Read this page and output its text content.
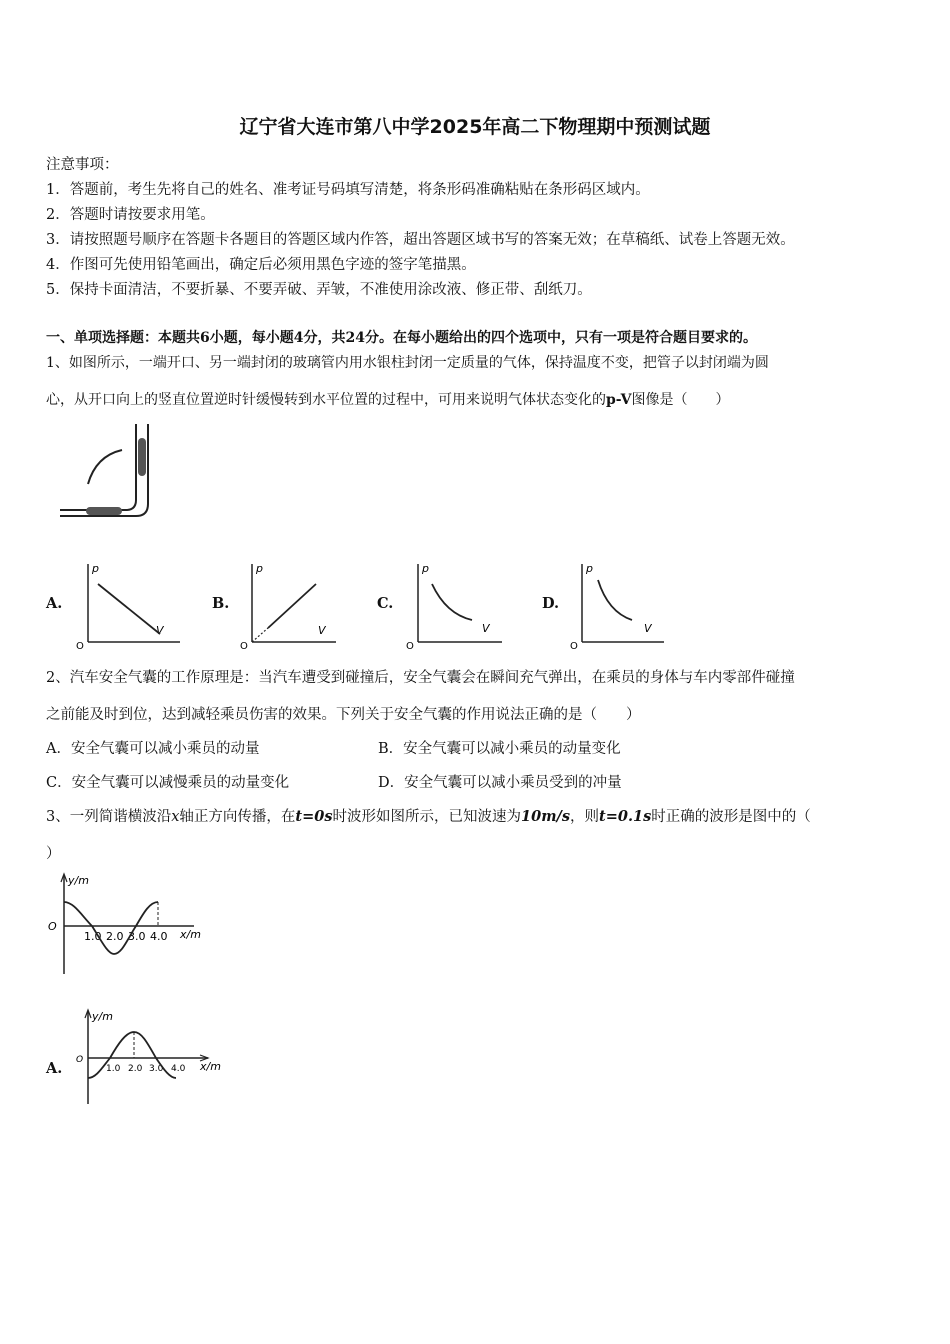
辽宁省大连市第八中学2025年高二下物理期中预测试题
注意事项：
1．答题前，考生先将自己的姓名、准考证号码填写清楚，将条形码准确粘贴在条形码区域内。
2．答题时请按要求用笔。
3．请按照题号顺序在答题卡各题目的答题区域内作答，超出答题区域书写的答案无效；在草稿纸、试卷上答题无效。
4．作图可先使用铅笔画出，确定后必须用黑色字迹的签字笔描黑。
5．保持卡面清洁，不要折暴、不要弄破、弄皱，不准使用涂改液、修正带、刮纸刀。
一、单项选择题：本题共6小题，每小题4分，共24分。在每小题给出的四个选项中，只有一项是符合题目要求的。
1、如图所示，一端开口、另一端封闭的玻璃管内用水银柱封闭一定质量的气体，保持温度不变，把管子以封闭端为圆
心，从开口向上的竖直位置逆时针缓慢转到水平位置的过程中，可用来说明气体状态变化的p-V图像是（　　）
A.
p
V
O
B.
p
V
O
C.
p
V
O
D.
p
V
O
2、汽车安全气囊的工作原理是：当汽车遭受到碰撞后，安全气囊会在瞬间充气弹出，在乘员的身体与车内零部件碰撞
之前能及时到位，达到减轻乘员伤害的效果。下列关于安全气囊的作用说法正确的是（　　）
A．安全气囊可以减小乘员的动量	B．安全气囊可以减小乘员的动量变化
C．安全气囊可以减慢乘员的动量变化	D．安全气囊可以减小乘员受到的冲量
3、一列简谐横波沿x轴正方向传播，在t=0s时波形如图所示，已知波速为10m/s，则t=0.1s时正确的波形是图中的（
）
y/m
O
x/m
1.0 2.0 3.0 4.0
A.
y/m
O	x/m
1.0 2.0 3.0 4.0
